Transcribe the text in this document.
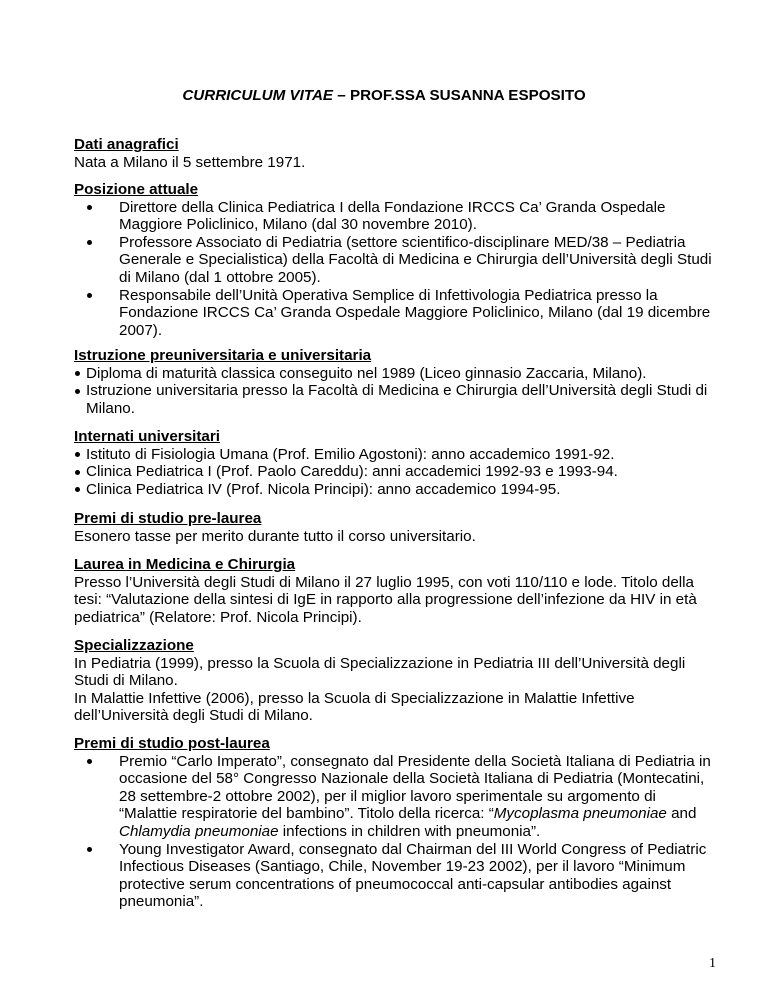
CURRICULUM VITAE – PROF.SSA SUSANNA ESPOSITO
Dati anagrafici

Nata a Milano il 5 settembre 1971.

Posizione attuale
Direttore della Clinica Pediatrica I della Fondazione IRCCS Ca’ Granda Ospedale Maggiore Policlinico, Milano (dal 30 novembre 2010).
Professore Associato di Pediatria (settore scientifico-disciplinare MED/38 – Pediatria Generale e Specialistica) della Facoltà di Medicina e Chirurgia dell’Università degli Studi di Milano (dal 1 ottobre 2005).
Responsabile dell’Unità Operativa Semplice di Infettivologia Pediatrica presso la Fondazione IRCCS Ca’ Granda Ospedale Maggiore Policlinico, Milano (dal 19 dicembre 2007).
Istruzione preuniversitaria e universitaria
Diploma di maturità classica conseguito nel 1989 (Liceo ginnasio Zaccaria, Milano).
Istruzione universitaria presso la Facoltà di Medicina e Chirurgia dell’Università degli Studi di Milano.
Internati universitari
Istituto di Fisiologia Umana (Prof. Emilio Agostoni): anno accademico 1991-92.
Clinica Pediatrica I (Prof. Paolo Careddu): anni accademici 1992-93 e 1993-94.
Clinica Pediatrica IV (Prof. Nicola Principi): anno accademico 1994-95.
Premi di studio pre-laurea

Esonero tasse per merito durante tutto il corso universitario.

Laurea in Medicina e Chirurgia

Presso l’Università degli Studi di Milano il 27 luglio 1995, con voti 110/110 e lode. Titolo della tesi: “Valutazione della sintesi di IgE in rapporto alla progressione dell’infezione da HIV in età pediatrica” (Relatore: Prof. Nicola Principi).

Specializzazione

In Pediatria (1999), presso la Scuola di Specializzazione in Pediatria III dell’Università degli Studi di Milano.

In Malattie Infettive (2006), presso la Scuola di Specializzazione in Malattie Infettive dell’Università degli Studi di Milano.

Premi di studio post-laurea
Premio “Carlo Imperato”, consegnato dal Presidente della Società Italiana di Pediatria in occasione del 58° Congresso Nazionale della Società Italiana di Pediatria (Montecatini, 28 settembre-2 ottobre 2002), per il miglior lavoro sperimentale su argomento di “Malattie respiratorie del bambino”. Titolo della ricerca: “Mycoplasma pneumoniae and Chlamydia pneumoniae infections in children with pneumonia”.
Young Investigator Award, consegnato dal Chairman del III World Congress of Pediatric Infectious Diseases (Santiago, Chile, November 19-23 2002), per il lavoro “Minimum protective serum concentrations of pneumococcal anti-capsular antibodies against pneumonia”.
1
